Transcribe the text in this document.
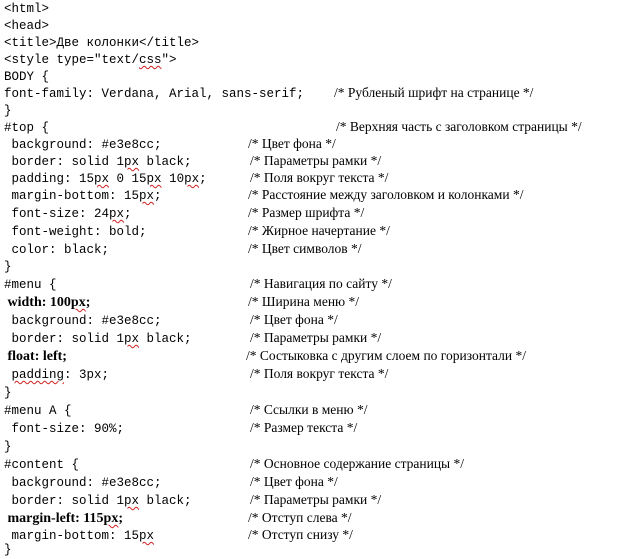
<html>
<head>
<title>Две колонки</title>
<style type="text/css">
BODY {
font-family: Verdana, Arial, sans-serif; /* Рубленый шрифт на странице */
}
#top {	/* Верхняя часть с заголовком страницы */
background: #e3e8cc;	/* Цвет фона */
border: solid 1px black;	/* Параметры рамки */
padding: 15px 0 15px 10px;	/* Поля вокруг текста */
margin-bottom: 15px;	/* Расстояние между заголовком и колонками */
font-size: 24px;	/* Размер шрифта */
font-weight: bold;	/* Жирное начертание */
color: black;	/* Цвет символов */
}
#menu {	/* Навигация по сайту */
width: 100px;	/* Ширина меню */
background: #e3e8cc;	/* Цвет фона */
border: solid 1px black;	/* Параметры рамки */
float: left;	/* Состыковка с другим слоем по горизонтали */
padding: 3px;	/* Поля вокруг текста */
}
#menu A {	/* Ссылки в меню */
font-size: 90%;	/* Размер текста */
}
#content {	/* Основное содержание страницы */
background: #e3e8cc;	/* Цвет фона */
border: solid 1px black;	/* Параметры рамки */
margin-left: 115px;	/* Отступ слева */
margin-bottom: 15px	/* Отступ снизу */
}
